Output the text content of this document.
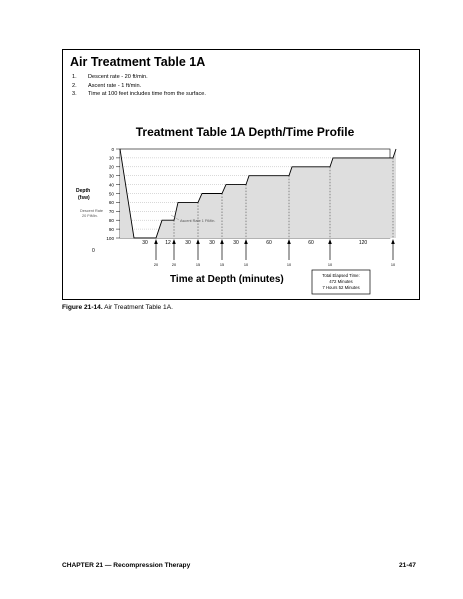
Air Treatment Table 1A
1.	Descent rate - 20 ft/min.
2.	Ascent rate - 1 ft/min.
3.	Time at 100 feet includes time from the surface.
Treatment Table 1A Depth/Time Profile
0
10
20
30
40
50
60
70
80
90
100
30	12	30	30	30	60	60	120
20	20	15	15	10	10	10	10
Depth
(fsw)
Descent Rate
20 FtMin.
Ascent Rate 1 FtMin.
0
Time at Depth (minutes)	Total Elapsed Time:
472 Minutes
7 Hours 52 Minutes
Figure 21-14. Air Treatment Table 1A.
CHAPTER 21 — Recompression Therapy	21-47
